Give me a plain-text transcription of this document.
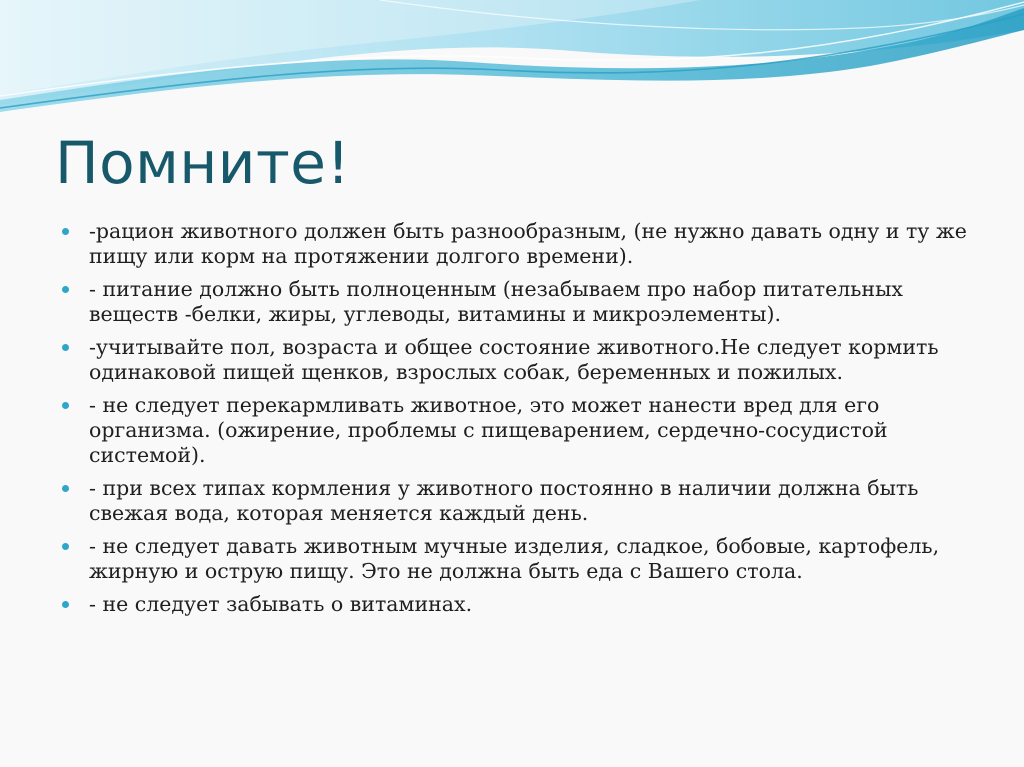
Помните!
-рацион животного должен быть разнообразным, (не нужно давать одну и ту же пищу или корм на протяжении долгого времени).
- питание должно быть полноценным (незабываем про набор питательных веществ -белки, жиры, углеводы, витамины и микроэлементы).
-учитывайте пол, возраста и общее состояние животного.Не следует кормить одинаковой пищей щенков, взрослых собак, беременных и пожилых.
- не следует перекармливать животное, это может нанести вред для его организма. (ожирение, проблемы с пищеварением, сердечно-сосудистой системой).
- при всех типах кормления у животного постоянно в наличии должна быть свежая вода, которая меняется каждый день.
- не следует давать животным мучные изделия, сладкое, бобовые, картофель, жирную и острую пищу. Это не должна быть еда с Вашего стола.
- не следует забывать о витаминах.
